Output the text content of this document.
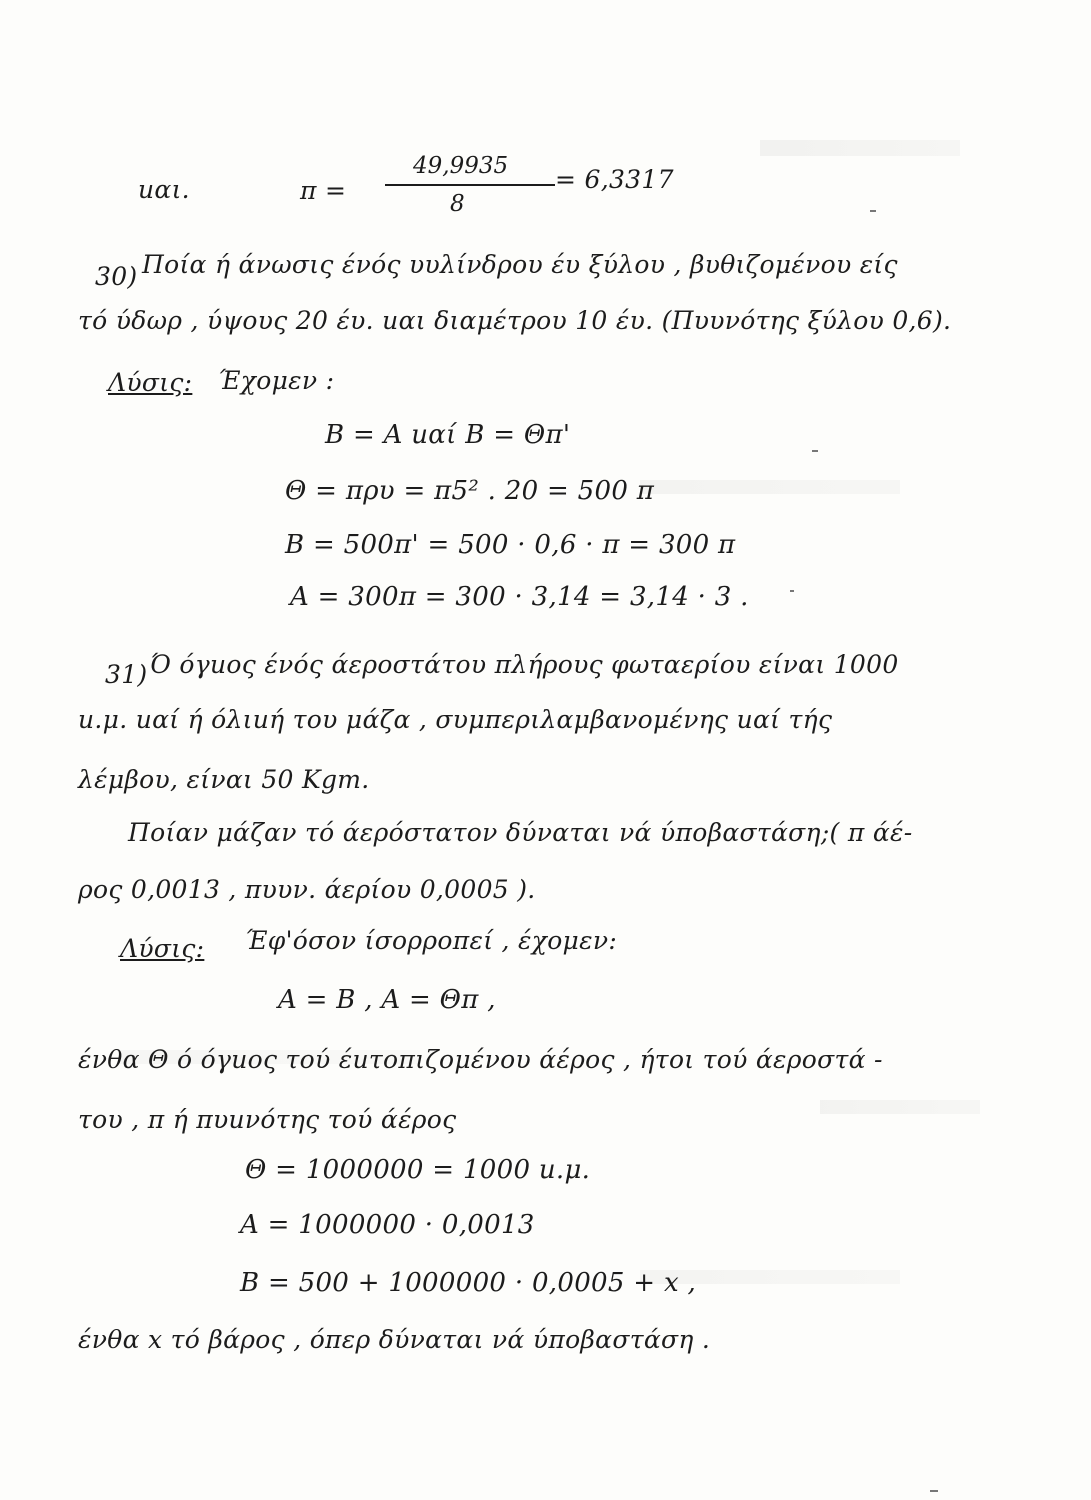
uαι.	π =
49,9935
8
= 6,3317
30) Ποία ή άνωσις ένός υυλίνδρου έυ ξύλου , βυθιζομένου είς
τό ύδωρ , ύψους 20 έυ. uαι διαμέτρου 10 έυ. (Πυυνότης ξύλου 0,6).
Λύσις: Έχομεν :
B = A uαί B = Θπ'
Θ = πρυ = π5² . 20 = 500 π
B = 500π' = 500 · 0,6 · π = 300 π
A = 300π = 300 · 3,14 = 3,14 · 3 .
31) Ό όγuος ένός άεροστάτου πλήρους φωταερίου είναι 1000
u.μ. uαί ή όλιuή του μάζα , συμπεριλαμβανομένης uαί τής
λέμβου, είναι 50 Kgm.
Ποίαν μάζαν τό άερόστατον δύναται νά ύποβαστάση;( π άέ-
ρος 0,0013 , πυυν. άερίου 0,0005 ).
Λύσις: Έφ'όσον ίσορροπεί , έχομεν:
A = B , A = Θπ ,
ένθα Θ ό όγuος τού έuτοπιζομένου άέρος , ήτοι τού άεροστά -
του , π ή πυuνότης τού άέρος
Θ = 1000000 = 1000 u.μ.
A = 1000000 · 0,0013
B = 500 + 1000000 · 0,0005 + x ,
ένθα x τό βάρος , όπερ δύναται νά ύποβαστάση .
